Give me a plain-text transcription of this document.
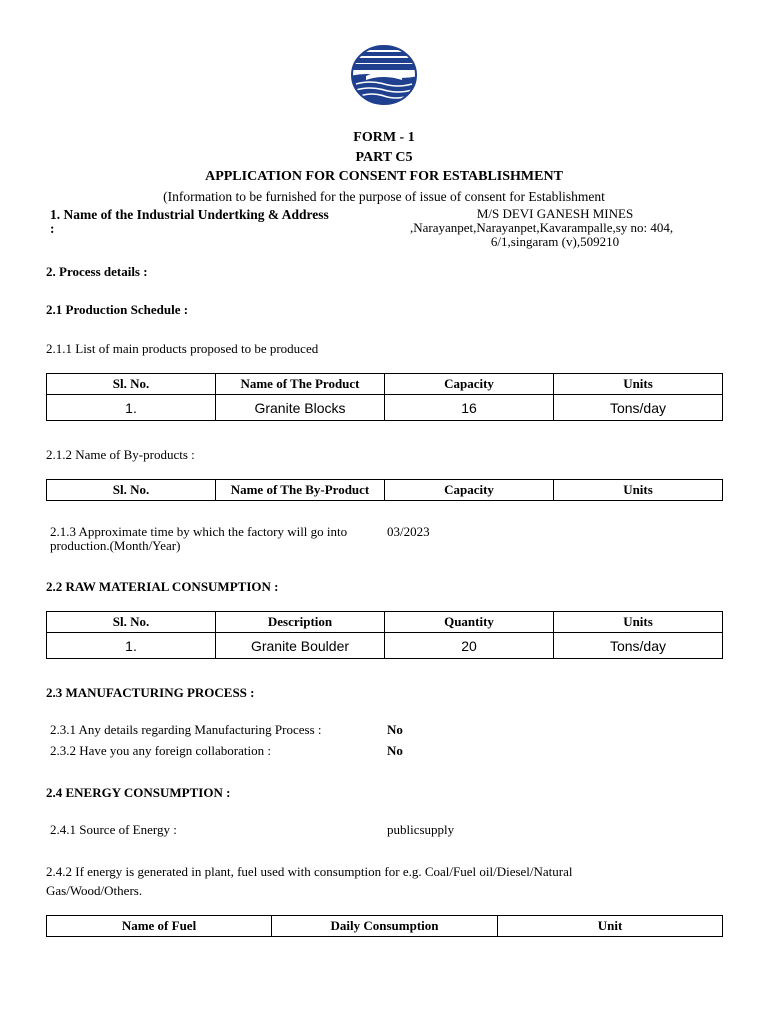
FORM - 1
PART C5
APPLICATION FOR CONSENT FOR ESTABLISHMENT
(Information to be furnished for the purpose of issue of consent for Establishment
1. Name of the Industrial Undertking & Address
:
M/S DEVI GANESH MINES
,Narayanpet,Narayanpet,Kavarampalle,sy no: 404,
6/1,singaram (v),509210
2. Process details :
2.1 Production Schedule :
2.1.1 List of main products proposed to be produced
Sl. No.	Name of The Product	Capacity	Units
1.	Granite Blocks	16	Tons/day
2.1.2 Name of By-products :
Sl. No.	Name of The By-Product	Capacity	Units
2.1.3 Approximate time by which the factory will go into
production.(Month/Year)
03/2023
2.2 RAW MATERIAL CONSUMPTION :
Sl. No.	Description	Quantity	Units
1.	Granite Boulder	20	Tons/day
2.3 MANUFACTURING PROCESS :
2.3.1 Any details regarding Manufacturing Process :	No
2.3.2 Have you any foreign collaboration :	No
2.4 ENERGY CONSUMPTION :
2.4.1 Source of Energy :	publicsupply
2.4.2 If energy is generated in plant, fuel used with consumption for e.g. Coal/Fuel oil/Diesel/Natural
Gas/Wood/Others.
Name of Fuel	Daily Consumption	Unit
